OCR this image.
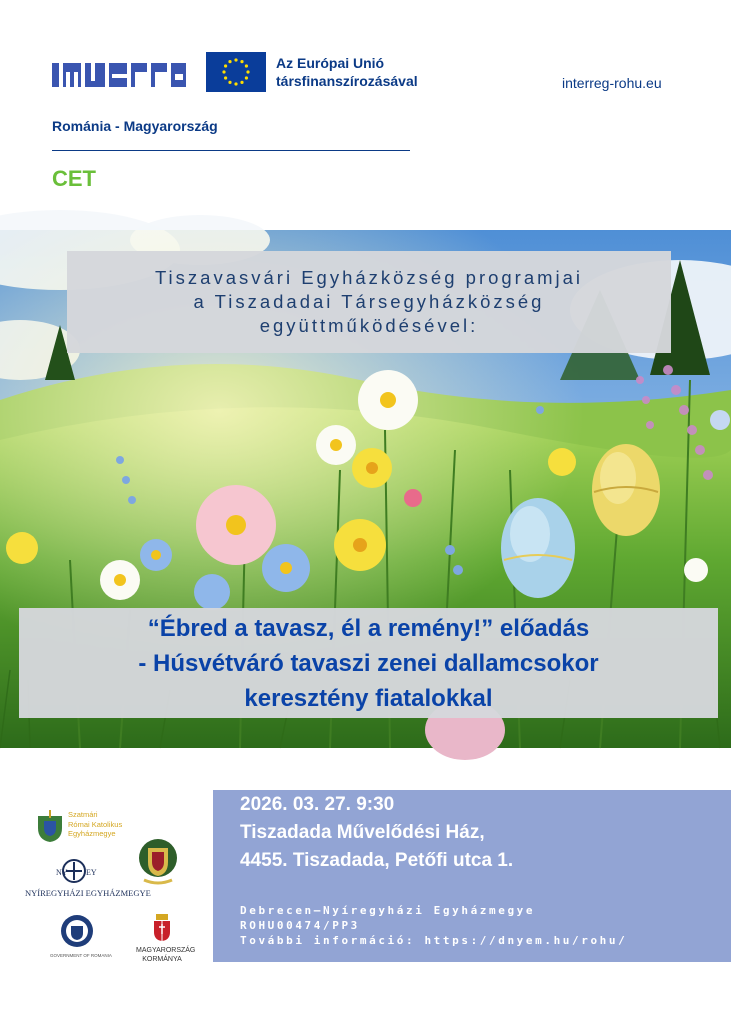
Az Európai Unió
társfinanszírozásával	interreg-rohu.eu
Románia - Magyarország
CET
Tiszavasvári Egyházközség programjai
a Tiszadadai Társegyházközség
együttműködésével:
“Ébred a tavasz, él a remény!” előadás
- Húsvétváró tavaszi zenei dallamcsokor
keresztény fiatalokkal
Szatmári
Római Katolikus
Egyházmegye
NY EY
NYÍREGYHÁZI EGYHÁZMEGYE
GOVERNMENT OF ROMANIA
MAGYARORSZÁG
KORMÁNYA
2026. 03. 27. 9:30
Tiszadada Művelődési Ház,
4455. Tiszadada, Petőfi utca 1.
Debrecen–Nyíregyházi Egyházmegye
ROHU00474/PP3
További információ: https://dnyem.hu/rohu/
